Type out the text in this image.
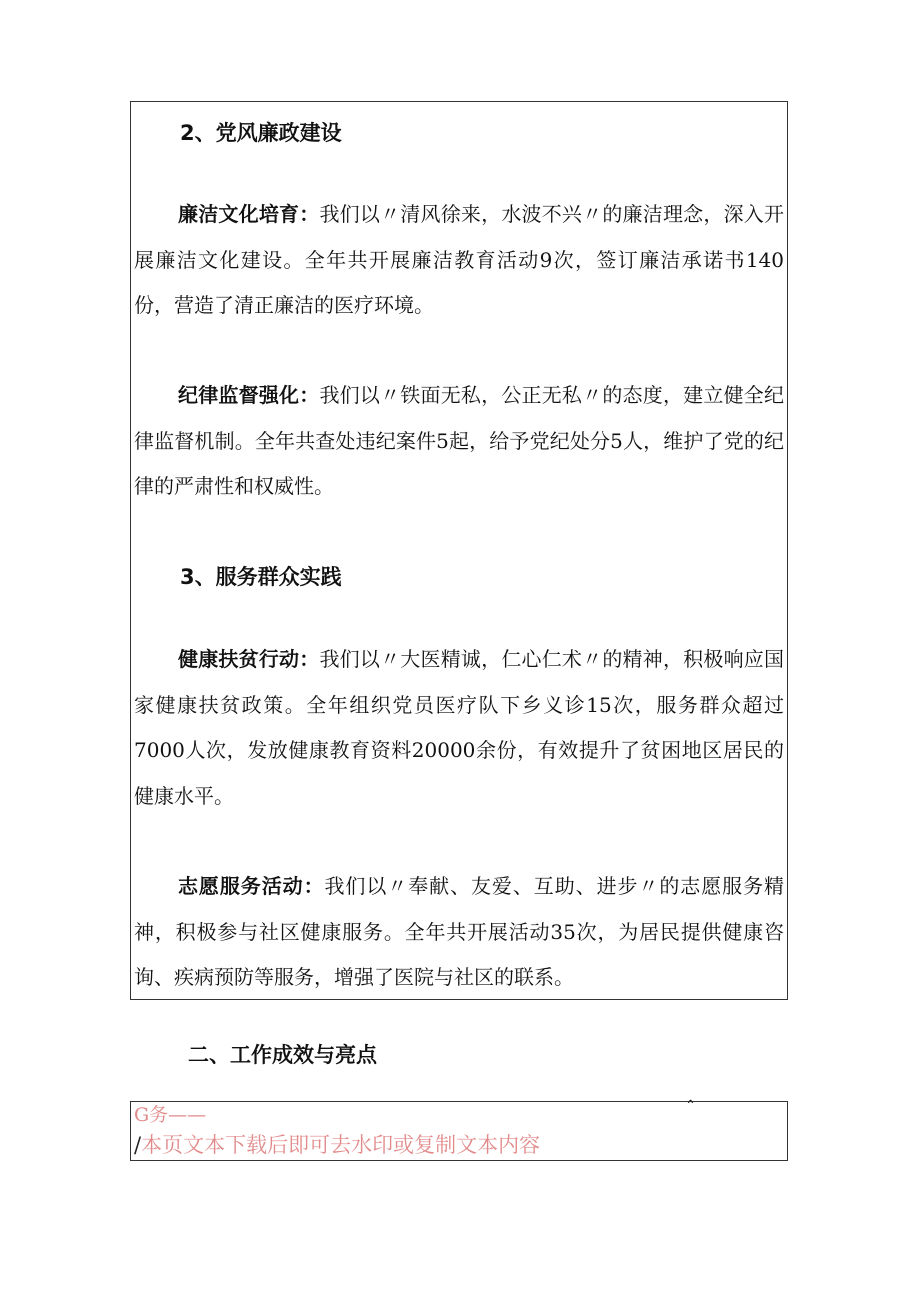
2、党风廉政建设
廉洁文化培育：我们以〃清风徐来，水波不兴〃的廉洁理念，深入开展廉洁文化建设。全年共开展廉洁教育活动9次，签订廉洁承诺书140份，营造了清正廉洁的医疗环境。
纪律监督强化：我们以〃铁面无私，公正无私〃的态度，建立健全纪律监督机制。全年共查处违纪案件5起，给予党纪处分5人，维护了党的纪律的严肃性和权威性。
3、服务群众实践
健康扶贫行动：我们以〃大医精诚，仁心仁术〃的精神，积极响应国家健康扶贫政策。全年组织党员医疗队下乡义诊15次，服务群众超过7000人次，发放健康教育资料20000余份，有效提升了贫困地区居民的健康水平。
志愿服务活动：我们以〃奉献、友爱、互助、进步〃的志愿服务精神，积极参与社区健康服务。全年共开展活动35次，为居民提供健康咨询、疾病预防等服务，增强了医院与社区的联系。
二、工作成效与亮点
G务——	ˆ
/本页文本下载后即可去水印或复制文本内容
